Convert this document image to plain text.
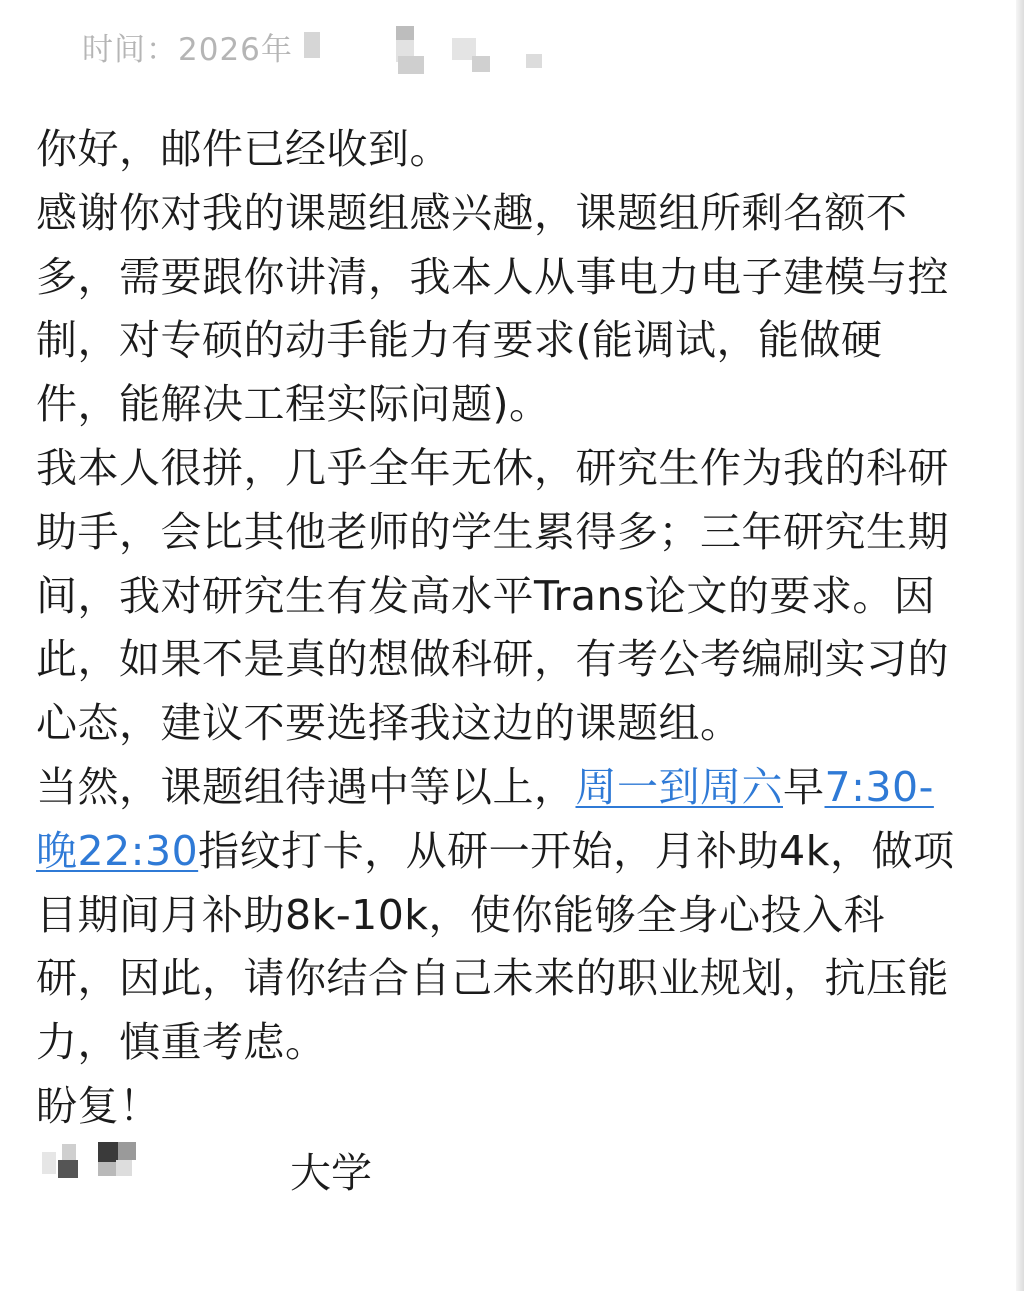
时间：2026年
你好，邮件已经收到。
感谢你对我的课题组感兴趣，课题组所剩名额不
多，需要跟你讲清，我本人从事电力电子建模与控
制，对专硕的动手能力有要求(能调试，能做硬
件，能解决工程实际问题)。
我本人很拼，几乎全年无休，研究生作为我的科研
助手，会比其他老师的学生累得多；三年研究生期
间，我对研究生有发高水平Trans论文的要求。因
此，如果不是真的想做科研，有考公考编刷实习的
心态，建议不要选择我这边的课题组。
当然，课题组待遇中等以上，周一到周六早7:30-
晚22:30指纹打卡，从研一开始，月补助4k，做项
目期间月补助8k-10k，使你能够全身心投入科
研，因此，请你结合自己未来的职业规划，抗压能
力，慎重考虑。
盼复！
大学
